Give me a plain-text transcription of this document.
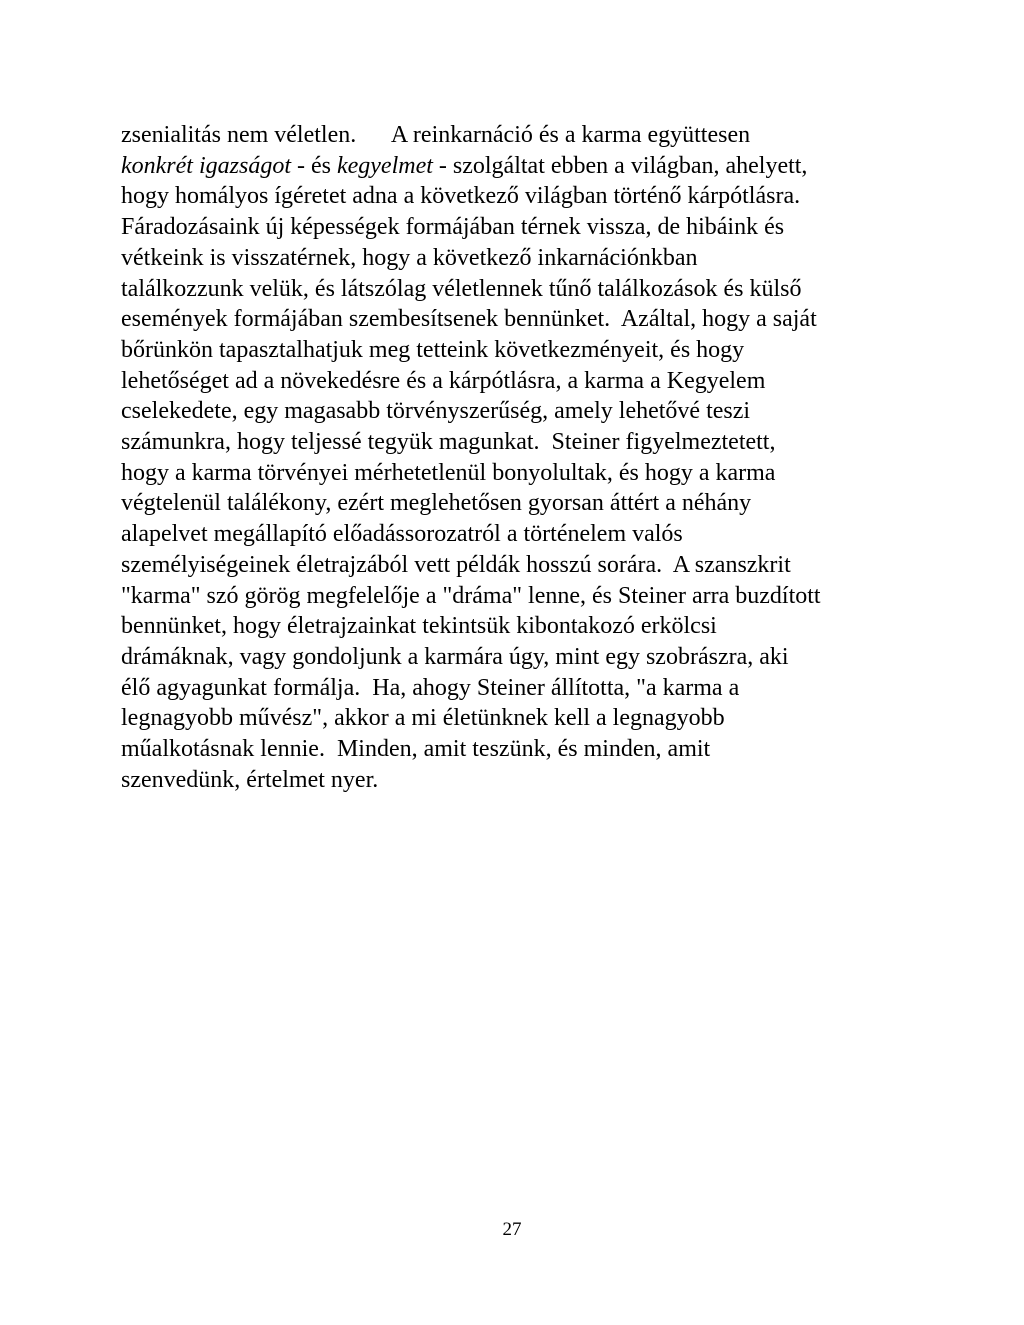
zsenialitás nem véletlen.      A reinkarnáció és a karma együttesen
konkrét igazságot - és kegyelmet - szolgáltat ebben a világban, ahelyett,
hogy homályos ígéretet adna a következő világban történő kárpótlásra.
Fáradozásaink új képességek formájában térnek vissza, de hibáink és
vétkeink is visszatérnek, hogy a következő inkarnációnkban
találkozzunk velük, és látszólag véletlennek tűnő találkozások és külső
események formájában szembesítsenek bennünket.  Azáltal, hogy a saját
bőrünkön tapasztalhatjuk meg tetteink következményeit, és hogy
lehetőséget ad a növekedésre és a kárpótlásra, a karma a Kegyelem
cselekedete, egy magasabb törvényszerűség, amely lehetővé teszi
számunkra, hogy teljessé tegyük magunkat.  Steiner figyelmeztetett,
hogy a karma törvényei mérhetetlenül bonyolultak, és hogy a karma
végtelenül találékony, ezért meglehetősen gyorsan áttért a néhány
alapelvet megállapító előadássorozatról a történelem valós
személyiségeinek életrajzából vett példák hosszú sorára.  A szanszkrit
"karma" szó görög megfelelője a "dráma" lenne, és Steiner arra buzdított
bennünket, hogy életrajzainkat tekintsük kibontakozó erkölcsi
drámáknak, vagy gondoljunk a karmára úgy, mint egy szobrászra, aki
élő agyagunkat formálja.  Ha, ahogy Steiner állította, "a karma a
legnagyobb művész", akkor a mi életünknek kell a legnagyobb
műalkotásnak lennie.  Minden, amit teszünk, és minden, amit
szenvedünk, értelmet nyer.
27
